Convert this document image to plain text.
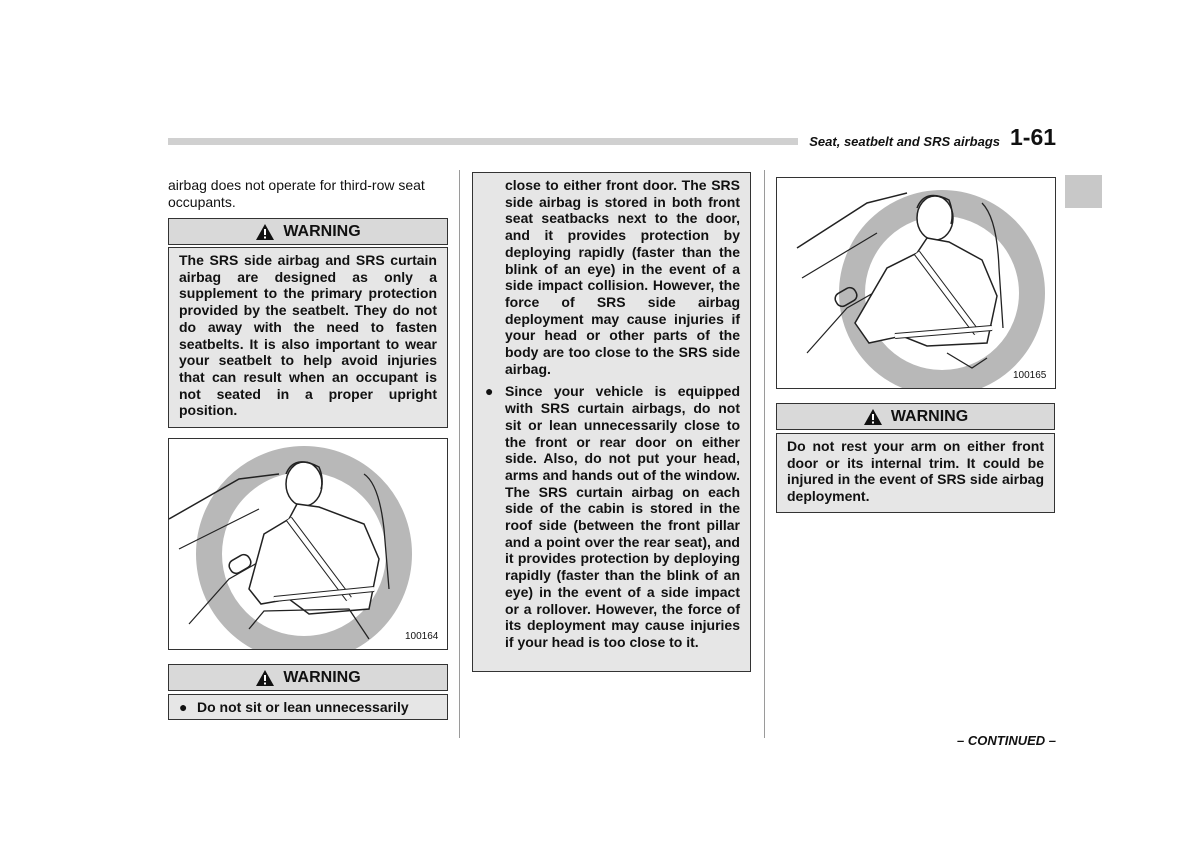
Seat, seatbelt and SRS airbags 1-61
airbag does not operate for third-row seat occupants.
WARNING
The SRS side airbag and SRS curtain airbag are designed as only a supplement to the primary protection provided by the seatbelt. They do not do away with the need to fasten seatbelts. It is also important to wear your seatbelt to help avoid injuries that can result when an occupant is not seated in a proper upright position.
100164
WARNING
● Do not sit or lean unnecessarily
close to either front door. The SRS side airbag is stored in both front seat seatbacks next to the door, and it provides protection by deploying rapidly (faster than the blink of an eye) in the event of a side impact collision. However, the force of SRS side airbag deployment may cause injuries if your head or other parts of the body are too close to the SRS side airbag.
● Since your vehicle is equipped with SRS curtain airbags, do not sit or lean unnecessarily close to the front or rear door on either side. Also, do not put your head, arms and hands out of the window. The SRS curtain airbag on each side of the cabin is stored in the roof side (between the front pillar and a point over the rear seat), and it provides protection by deploying rapidly (faster than the blink of an eye) in the event of a side impact or a rollover. However, the force of its deployment may cause injuries if your head is too close to it.
100165
WARNING
Do not rest your arm on either front door or its internal trim. It could be injured in the event of SRS side airbag deployment.
– CONTINUED –
